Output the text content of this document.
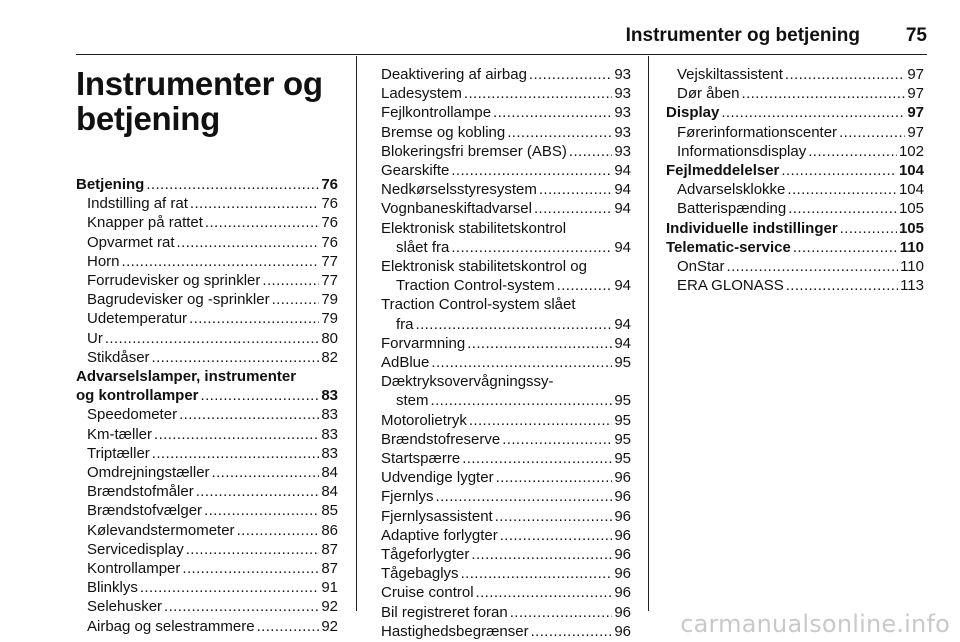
Instrumenter og betjening 75
Instrumenter og
betjening
Betjening .....	76
Indstilling af rat .....	76
Knapper på rattet .....	76
Opvarmet rat .....	76
Horn .....	77
Forrudevisker og sprinkler .....	77
Bagrudevisker og -sprinkler .....	79
Udetemperatur .....	79
Ur .....	80
Stikdåser .....	82
Advarselslamper, instrumenter
og kontrollamper .....	83
Speedometer .....	83
Km-tæller .....	83
Triptæller .....	83
Omdrejningstæller .....	84
Brændstofmåler .....	84
Brændstofvælger .....	85
Kølevandstermometer .....	86
Servicedisplay .....	87
Kontrollamper .....	87
Blinklys .....	91
Selehusker .....	92
Airbag og selestrammere .....	92
Deaktivering af airbag .....	93
Ladesystem .....	93
Fejlkontrollampe .....	93
Bremse og kobling .....	93
Blokeringsfri bremser (ABS) .....	93
Gearskifte .....	94
Nedkørselsstyresystem .....	94
Vognbaneskiftadvarsel .....	94
Elektronisk stabilitetskontrol
slået fra .....	94
Elektronisk stabilitetskontrol og
Traction Control-system .....	94
Traction Control-system slået
fra .....	94
Forvarmning .....	94
AdBlue .....	95
Dæktryksovervågningssy-
stem .....	95
Motorolietryk .....	95
Brændstofreserve .....	95
Startspærre .....	95
Udvendige lygter .....	96
Fjernlys .....	96
Fjernlysassistent .....	96
Adaptive forlygter .....	96
Tågeforlygter .....	96
Tågebaglys .....	96
Cruise control .....	96
Bil registreret foran .....	96
Hastighedsbegrænser .....	96
Vejskiltassistent .....	97
Dør åben .....	97
Display .....	97
Førerinformationscenter .....	97
Informationsdisplay .....	102
Fejlmeddelelser .....	104
Advarselsklokke .....	104
Batterispænding .....	105
Individuelle indstillinger .....	105
Telematic-service .....	110
OnStar .....	110
ERA GLONASS .....	113
carmanualsonline.info
